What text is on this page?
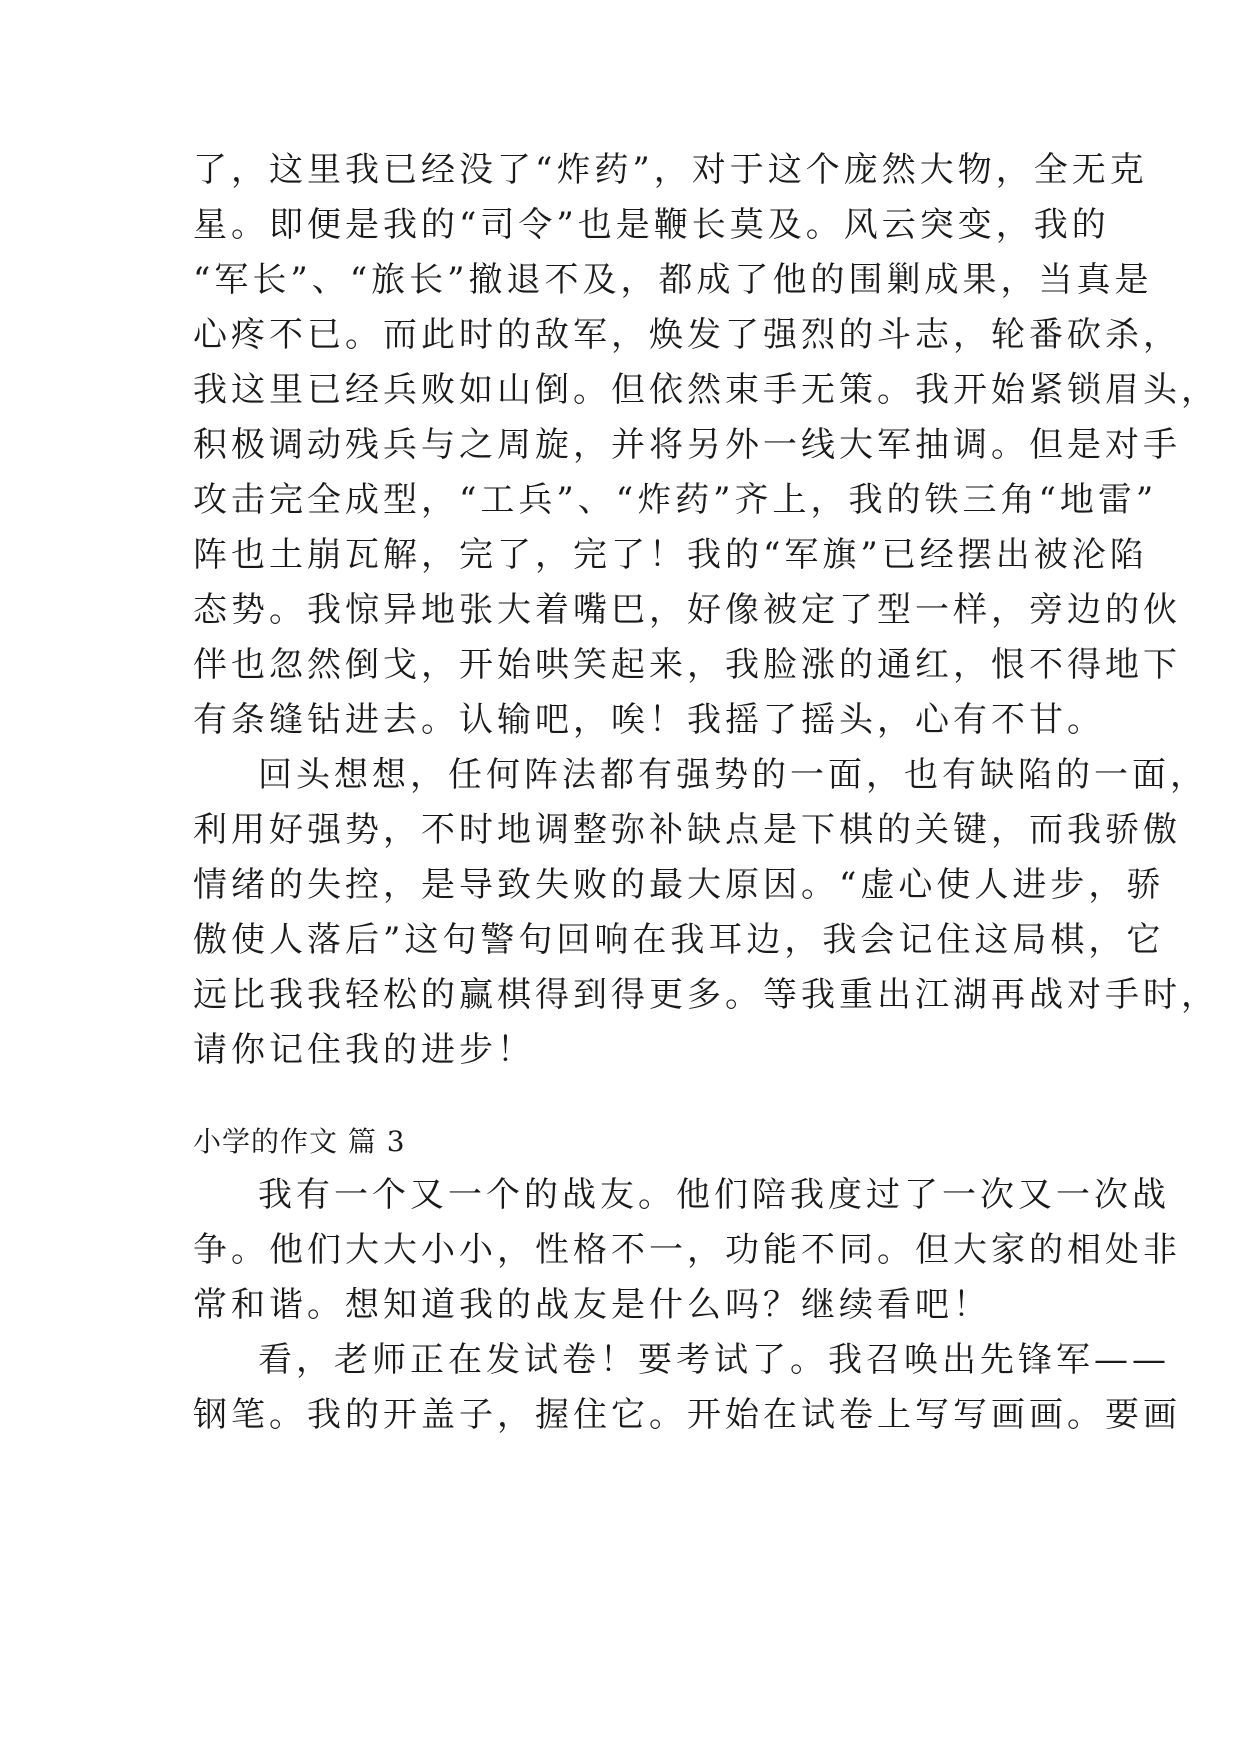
了，这里我已经没了“炸药”，对于这个庞然大物，全无克
星。即便是我的“司令”也是鞭长莫及。风云突变，我的
“军长”、“旅长”撤退不及，都成了他的围剿成果，当真是
心疼不已。而此时的敌军，焕发了强烈的斗志，轮番砍杀，
我这里已经兵败如山倒。但依然束手无策。我开始紧锁眉头，
积极调动残兵与之周旋，并将另外一线大军抽调。但是对手
攻击完全成型，“工兵”、“炸药”齐上，我的铁三角“地雷”
阵也土崩瓦解，完了，完了！我的“军旗”已经摆出被沦陷
态势。我惊异地张大着嘴巴，好像被定了型一样，旁边的伙
伴也忽然倒戈，开始哄笑起来，我脸涨的通红，恨不得地下
有条缝钻进去。认输吧，唉！我摇了摇头，心有不甘。
回头想想，任何阵法都有强势的一面，也有缺陷的一面，
利用好强势，不时地调整弥补缺点是下棋的关键，而我骄傲
情绪的失控，是导致失败的最大原因。“虚心使人进步，骄
傲使人落后”这句警句回响在我耳边，我会记住这局棋，它
远比我我轻松的赢棋得到得更多。等我重出江湖再战对手时，
请你记住我的进步！
小学的作文 篇 3
我有一个又一个的战友。他们陪我度过了一次又一次战
争。他们大大小小，性格不一，功能不同。但大家的相处非
常和谐。想知道我的战友是什么吗？继续看吧！
看，老师正在发试卷！要考试了。我召唤出先锋军——
钢笔。我的开盖子，握住它。开始在试卷上写写画画。要画
